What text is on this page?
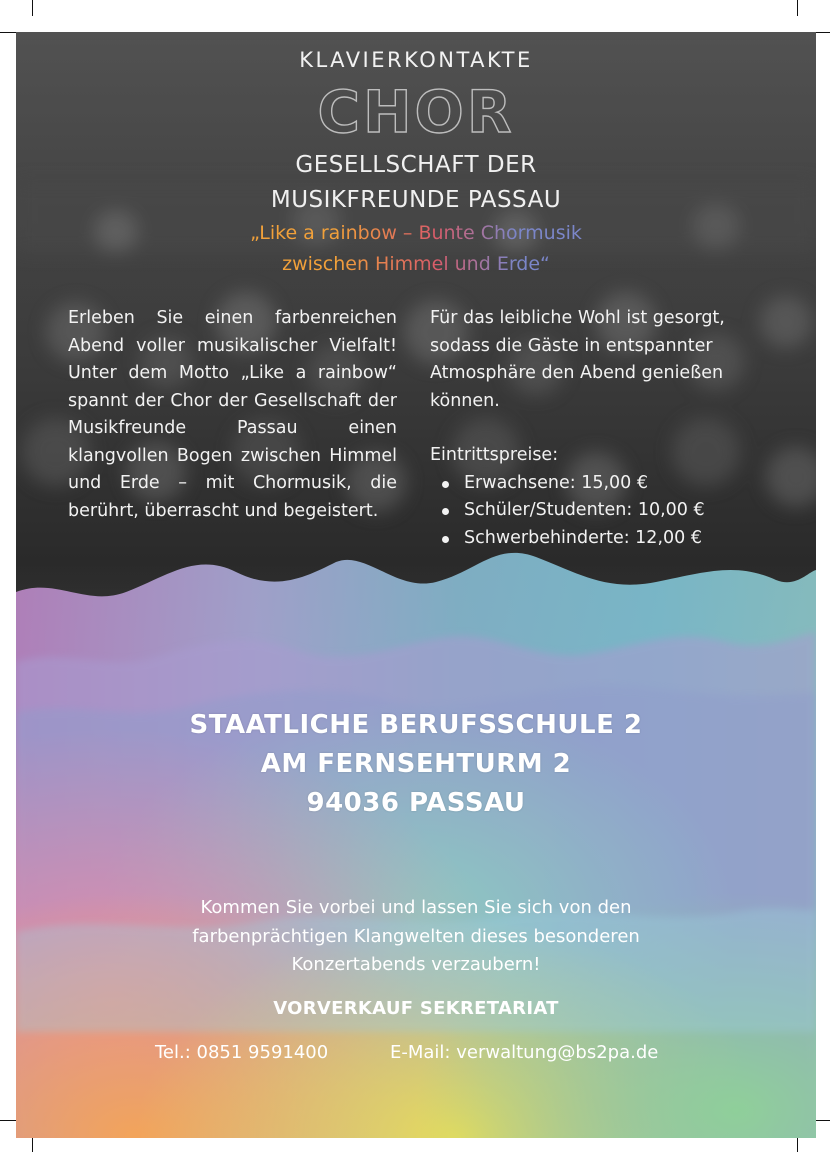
KLAVIERKONTAKTE
CHOR
GESELLSCHAFT DER
MUSIKFREUNDE PASSAU
„Like a rainbow – Bunte Chormusik
zwischen Himmel und Erde“
Erleben Sie einen farbenreichen Abend voller musikalischer Vielfalt! Unter dem Motto „Like a rainbow“ spannt der Chor der Gesellschaft der Musikfreunde Passau einen klangvollen Bogen zwischen Himmel und Erde – mit Chormusik, die berührt, überrascht und begeistert.

Für das leibliche Wohl ist gesorgt, sodass die Gäste in entspannter Atmosphäre den Abend genießen können.

Eintrittspreise:

Erwachsene: 15,00 €
Schüler/Studenten: 10,00 €
Schwerbehinderte: 12,00 €
STAATLICHE BERUFSSCHULE 2
AM FERNSEHTURM 2
94036 PASSAU
Kommen Sie vorbei und lassen Sie sich von den farbenprächtigen Klangwelten dieses besonderen Konzertabends verzaubern!
VORVERKAUF SEKRETARIAT
Tel.: 0851 9591400	E-Mail: verwaltung@bs2pa.de
